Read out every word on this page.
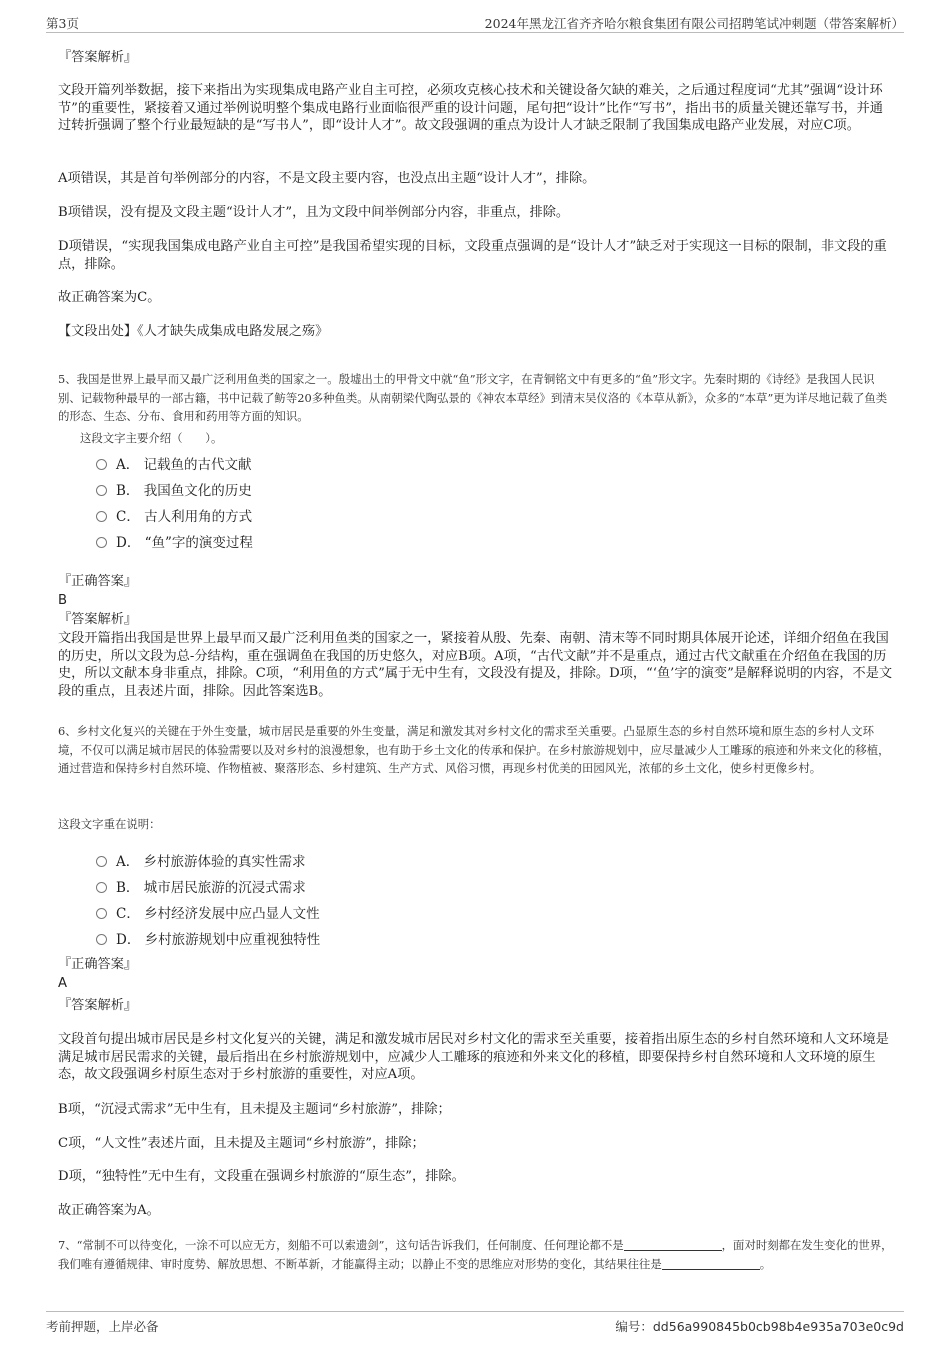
第3页	2024年黑龙江省齐齐哈尔粮食集团有限公司招聘笔试冲刺题（带答案解析）
『答案解析』
文段开篇列举数据，接下来指出为实现集成电路产业自主可控，必须攻克核心技术和关键设备欠缺的难关，之后通过程度词“尤其”强调“设计环节”的重要性，紧接着又通过举例说明整个集成电路行业面临很严重的设计问题，尾句把“设计”比作“写书”，指出书的质量关键还靠写书，并通过转折强调了整个行业最短缺的是“写书人”，即“设计人才”。故文段强调的重点为设计人才缺乏限制了我国集成电路产业发展，对应C项。
A项错误，其是首句举例部分的内容，不是文段主要内容，也没点出主题“设计人才”，排除。
B项错误，没有提及文段主题“设计人才”，且为文段中间举例部分内容，非重点，排除。
D项错误，“实现我国集成电路产业自主可控”是我国希望实现的目标，文段重点强调的是“设计人才”缺乏对于实现这一目标的限制，非文段的重点，排除。
故正确答案为C。
【文段出处】《人才缺失成集成电路发展之殇》
5、我国是世界上最早而又最广泛利用鱼类的国家之一。殷墟出土的甲骨文中就“鱼”形文字，在青铜铭文中有更多的“鱼”形文字。先秦时期的《诗经》是我国人民识别、记载物种最早的一部古籍，书中记载了鲂等20多种鱼类。从南朝梁代陶弘景的《神农本草经》到清末吴仪洛的《本草从新》，众多的“本草”更为详尽地记载了鱼类的形态、生态、分布、食用和药用等方面的知识。
这段文字主要介绍（　　）。
A． 记载鱼的古代文献
B． 我国鱼文化的历史
C． 古人利用角的方式
D． “鱼”字的演变过程
『正确答案』
B
『答案解析』
文段开篇指出我国是世界上最早而又最广泛利用鱼类的国家之一，紧接着从殷、先秦、南朝、清末等不同时期具体展开论述，详细介绍鱼在我国的历史，所以文段为总-分结构，重在强调鱼在我国的历史悠久，对应B项。A项，“古代文献”并不是重点，通过古代文献重在介绍鱼在我国的历史，所以文献本身非重点，排除。C项，“利用鱼的方式”属于无中生有，文段没有提及，排除。D项，“‘鱼’字的演变”是解释说明的内容，不是文段的重点，且表述片面，排除。因此答案选B。
6、乡村文化复兴的关键在于外生变量，城市居民是重要的外生变量，满足和激发其对乡村文化的需求至关重要。凸显原生态的乡村自然环境和原生态的乡村人文环境，不仅可以满足城市居民的体验需要以及对乡村的浪漫想象，也有助于乡土文化的传承和保护。在乡村旅游规划中，应尽量减少人工雕琢的痕迹和外来文化的移植，通过营造和保持乡村自然环境、作物植被、聚落形态、乡村建筑、生产方式、风俗习惯，再现乡村优美的田园风光，浓郁的乡土文化，使乡村更像乡村。
这段文字重在说明：
A． 乡村旅游体验的真实性需求
B． 城市居民旅游的沉浸式需求
C． 乡村经济发展中应凸显人文性
D． 乡村旅游规划中应重视独特性
『正确答案』
A
『答案解析』
文段首句提出城市居民是乡村文化复兴的关键，满足和激发城市居民对乡村文化的需求至关重要，接着指出原生态的乡村自然环境和人文环境是满足城市居民需求的关键，最后指出在乡村旅游规划中，应减少人工雕琢的痕迹和外来文化的移植，即要保持乡村自然环境和人文环境的原生态，故文段强调乡村原生态对于乡村旅游的重要性，对应A项。
B项，“沉浸式需求”无中生有，且未提及主题词“乡村旅游”，排除；
C项，“人文性”表述片面，且未提及主题词“乡村旅游”，排除；
D项，“独特性”无中生有，文段重在强调乡村旅游的“原生态”，排除。
故正确答案为A。
7、“常制不可以待变化，一涂不可以应无方，刻船不可以索遗剑”，这句话告诉我们，任何制度、任何理论都不是	，面对时刻都在发生变化的世界，我们唯有遵循规律、审时度势、解放思想、不断革新，才能赢得主动；以静止不变的思维应对形势的变化，其结果往往是	。
考前押题，上岸必备	编号：dd56a990845b0cb98b4e935a703e0c9d
